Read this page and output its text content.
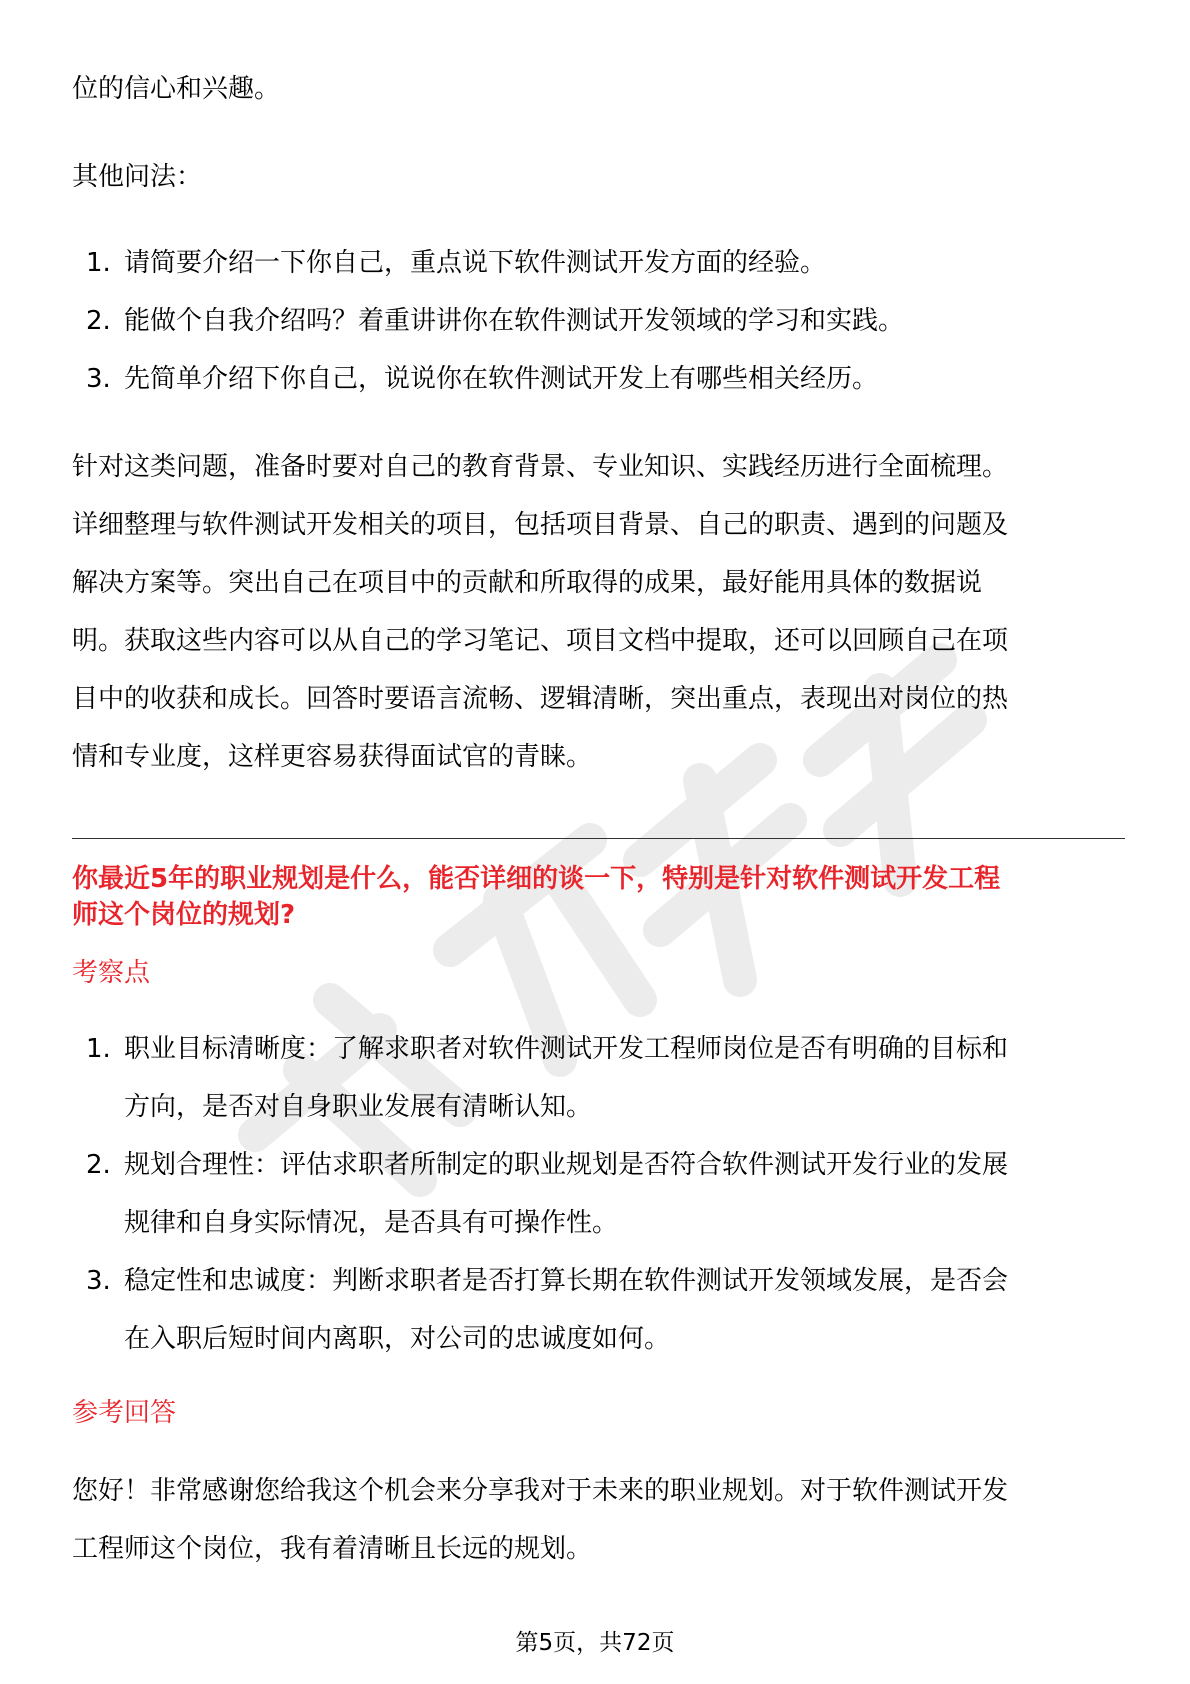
位的信心和兴趣。
其他问法：
1. 请简要介绍一下你自己，重点说下软件测试开发方面的经验。
2. 能做个自我介绍吗？着重讲讲你在软件测试开发领域的学习和实践。
3. 先简单介绍下你自己，说说你在软件测试开发上有哪些相关经历。
针对这类问题，准备时要对自己的教育背景、专业知识、实践经历进行全面梳理。
详细整理与软件测试开发相关的项目，包括项目背景、自己的职责、遇到的问题及
解决方案等。突出自己在项目中的贡献和所取得的成果，最好能用具体的数据说
明。获取这些内容可以从自己的学习笔记、项目文档中提取，还可以回顾自己在项
目中的收获和成长。回答时要语言流畅、逻辑清晰，突出重点，表现出对岗位的热
情和专业度，这样更容易获得面试官的青睐。
你最近5年的职业规划是什么，能否详细的谈一下，特别是针对软件测试开发工程
师这个岗位的规划?
考察点
1. 职业目标清晰度：了解求职者对软件测试开发工程师岗位是否有明确的目标和
方向，是否对自身职业发展有清晰认知。
2. 规划合理性：评估求职者所制定的职业规划是否符合软件测试开发行业的发展
规律和自身实际情况，是否具有可操作性。
3. 稳定性和忠诚度：判断求职者是否打算长期在软件测试开发领域发展，是否会
在入职后短时间内离职，对公司的忠诚度如何。
参考回答
您好！非常感谢您给我这个机会来分享我对于未来的职业规划。对于软件测试开发
工程师这个岗位，我有着清晰且长远的规划。
第5页，共72页
